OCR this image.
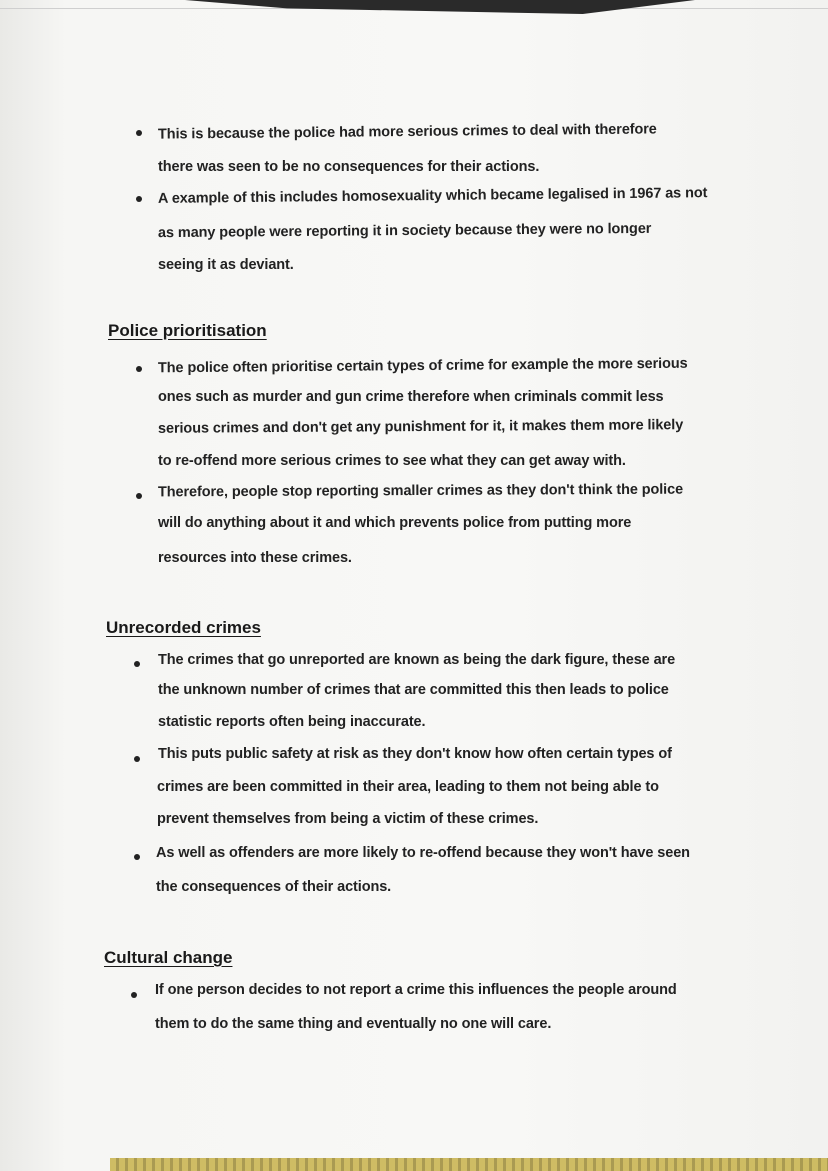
This is because the police had more serious crimes to deal with therefore
there was seen to be no consequences for their actions.
A example of this includes homosexuality which became legalised in 1967 as not
as many people were reporting it in society because they were no longer
seeing it as deviant.
Police prioritisation
The police often prioritise certain types of crime for example the more serious
ones such as murder and gun crime therefore when criminals commit less
serious crimes and don't get any punishment for it, it makes them more likely
to re-offend more serious crimes to see what they can get away with.
Therefore, people stop reporting smaller crimes as they don't think the police
will do anything about it and which prevents police from putting more
resources into these crimes.
Unrecorded crimes
The crimes that go unreported are known as being the dark figure, these are
the unknown number of crimes that are committed this then leads to police
statistic reports often being inaccurate.
This puts public safety at risk as they don't know how often certain types of
crimes are been committed in their area, leading to them not being able to
prevent themselves from being a victim of these crimes.
As well as offenders are more likely to re-offend because they won't have seen
the consequences of their actions.
Cultural change
If one person decides to not report a crime this influences the people around
them to do the same thing and eventually no one will care.
